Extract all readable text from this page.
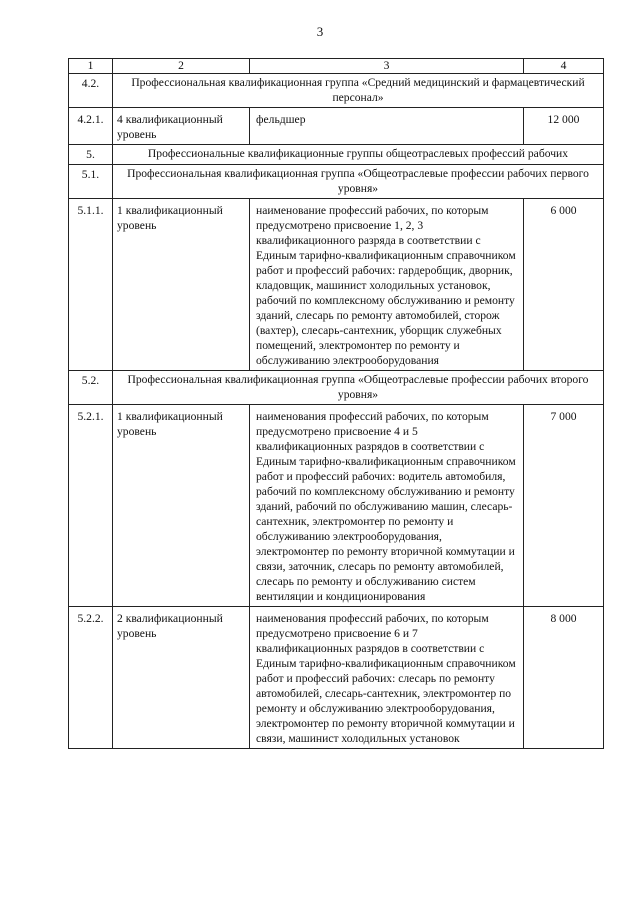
3
1	2	3	4
4.2.	Профессиональная квалификационная группа «Средний медицинский и фармацевтический персонал»		
4.2.1.	4 квалификационный уровень	фельдшер	12 000
5.	Профессиональные квалификационные группы общеотраслевых профессий рабочих		
5.1.	Профессиональная квалификационная группа «Общеотраслевые профессии рабочих первого уровня»		
5.1.1.	1 квалификационный уровень	наименование профессий рабочих, по которым предусмотрено присвоение 1, 2, 3 квалификационного разряда в соответствии с Единым тарифно-квалификационным справочником работ и профессий рабочих: гардеробщик, дворник, кладовщик, машинист холодильных установок, рабочий по комплексному обслуживанию и ремонту зданий, слесарь по ремонту автомобилей, сторож (вахтер), слесарь-сантехник, уборщик служебных помещений, электромонтер по ремонту и обслуживанию электрооборудования	6 000
5.2.	Профессиональная квалификационная группа «Общеотраслевые профессии рабочих второго уровня»		
5.2.1.	1 квалификационный уровень	наименования профессий рабочих, по которым предусмотрено присвоение 4 и 5 квалификационных разрядов в соответствии с Единым тарифно-квалификационным справочником работ и профессий рабочих: водитель автомобиля, рабочий по комплексному обслуживанию и ремонту зданий, рабочий по обслуживанию машин, слесарь-сантехник, электромонтер по ремонту и обслуживанию электрооборудования, электромонтер по ремонту вторичной коммутации и связи, заточник, слесарь по ремонту автомобилей, слесарь по ремонту и обслуживанию систем вентиляции и кондиционирования	7 000
5.2.2.	2 квалификационный уровень	наименования профессий рабочих, по которым предусмотрено присвоение 6 и 7 квалификационных разрядов в соответствии с Единым тарифно-квалификационным справочником работ и профессий рабочих: слесарь по ремонту автомобилей, слесарь-сантехник, электромонтер по ремонту и обслуживанию электрооборудования, электромонтер по ремонту вторичной коммутации и связи, машинист холодильных установок	8 000
